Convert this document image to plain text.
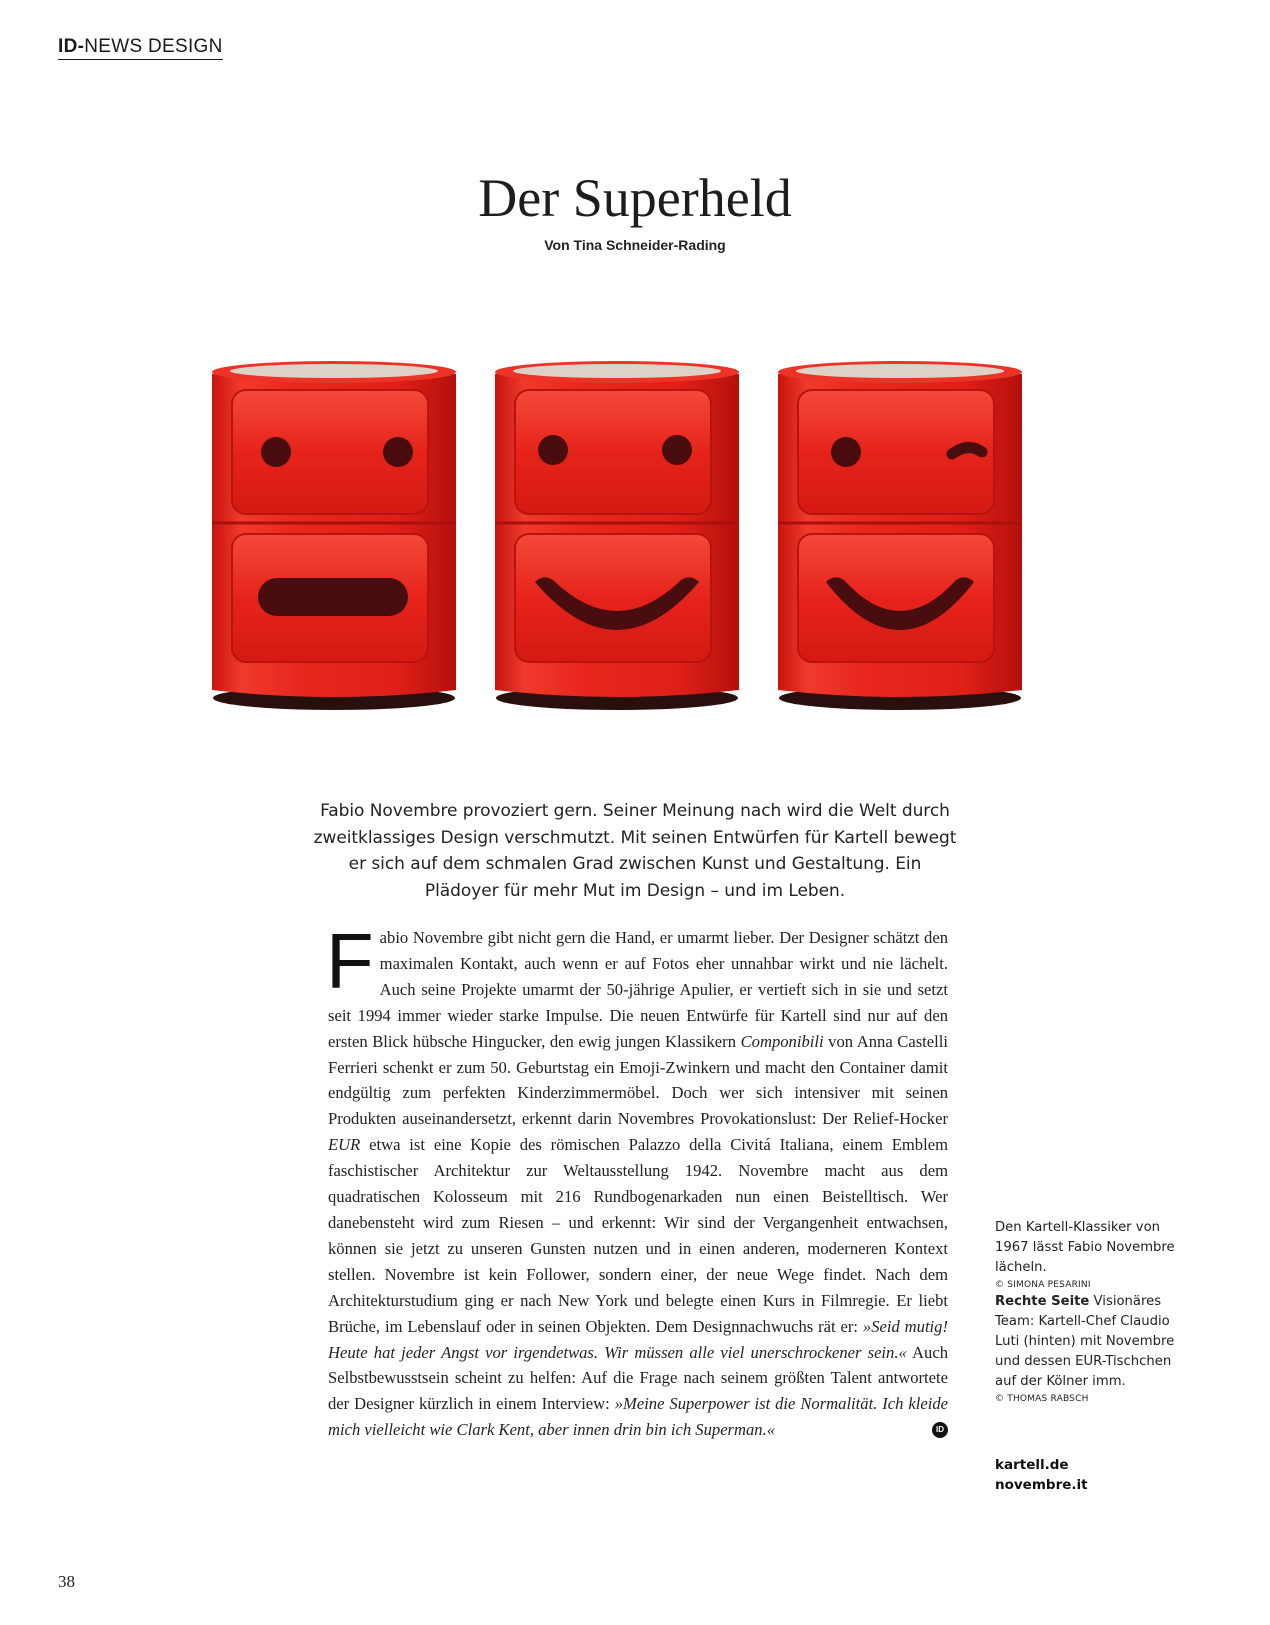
ID-NEWS DESIGN
Der Superheld
Von Tina Schneider-Rading
Fabio Novembre provoziert gern. Seiner Meinung nach wird die Welt durch zweitklassiges Design verschmutzt. Mit seinen Entwürfen für Kartell bewegt er sich auf dem schmalen Grad zwischen Kunst und Gestaltung. Ein Plädoyer für mehr Mut im Design – und im Leben.

Fabio Novembre gibt nicht gern die Hand, er umarmt lieber. Der Designer schätzt den maximalen Kontakt, auch wenn er auf Fotos eher unnahbar wirkt und nie lächelt. Auch seine Projekte umarmt der 50-jährige Apulier, er vertieft sich in sie und setzt seit 1994 immer wieder starke Impulse. Die neuen Entwürfe für Kartell sind nur auf den ersten Blick hübsche Hingucker, den ewig jungen Klassikern Componibili von Anna Castelli Ferrieri schenkt er zum 50. Geburtstag ein Emoji-Zwinkern und macht den Container damit endgültig zum perfekten Kinderzimmermöbel. Doch wer sich intensiver mit seinen Produkten auseinandersetzt, erkennt darin Novembres Provokationslust: Der Relief-Hocker EUR etwa ist eine Kopie des römischen Palazzo della Civitá Italiana, einem Emblem faschistischer Architektur zur Weltausstellung 1942. Novembre macht aus dem quadratischen Kolosseum mit 216 Rundbogenarkaden nun einen Beistelltisch. Wer danebensteht wird zum Riesen – und erkennt: Wir sind der Vergangenheit entwachsen, können sie jetzt zu unseren Gunsten nutzen und in einen anderen, moderneren Kontext stellen. Novembre ist kein Follower, sondern einer, der neue Wege findet. Nach dem Architekturstudium ging er nach New York und belegte einen Kurs in Filmregie. Er liebt Brüche, im Lebenslauf oder in seinen Objekten. Dem Designnachwuchs rät er: »Seid mutig! Heute hat jeder Angst vor irgendetwas. Wir müssen alle viel unerschrockener sein.« Auch Selbstbewusstsein scheint zu helfen: Auf die Frage nach seinem größten Talent antwortete der Designer kürzlich in einem Interview: »Meine Superpower ist die Normalität. Ich kleide mich vielleicht wie Clark Kent, aber innen drin bin ich Superman.«	ID

Den Kartell-Klassiker von 1967 lässt Fabio Novembre lächeln.
© SIMONA PESARINI
Rechte Seite Visionäres Team: Kartell-Chef Claudio Luti (hinten) mit Novembre und dessen EUR-Tischchen auf der Kölner imm.
© THOMAS RABSCH
kartell.de
novembre.it
38
